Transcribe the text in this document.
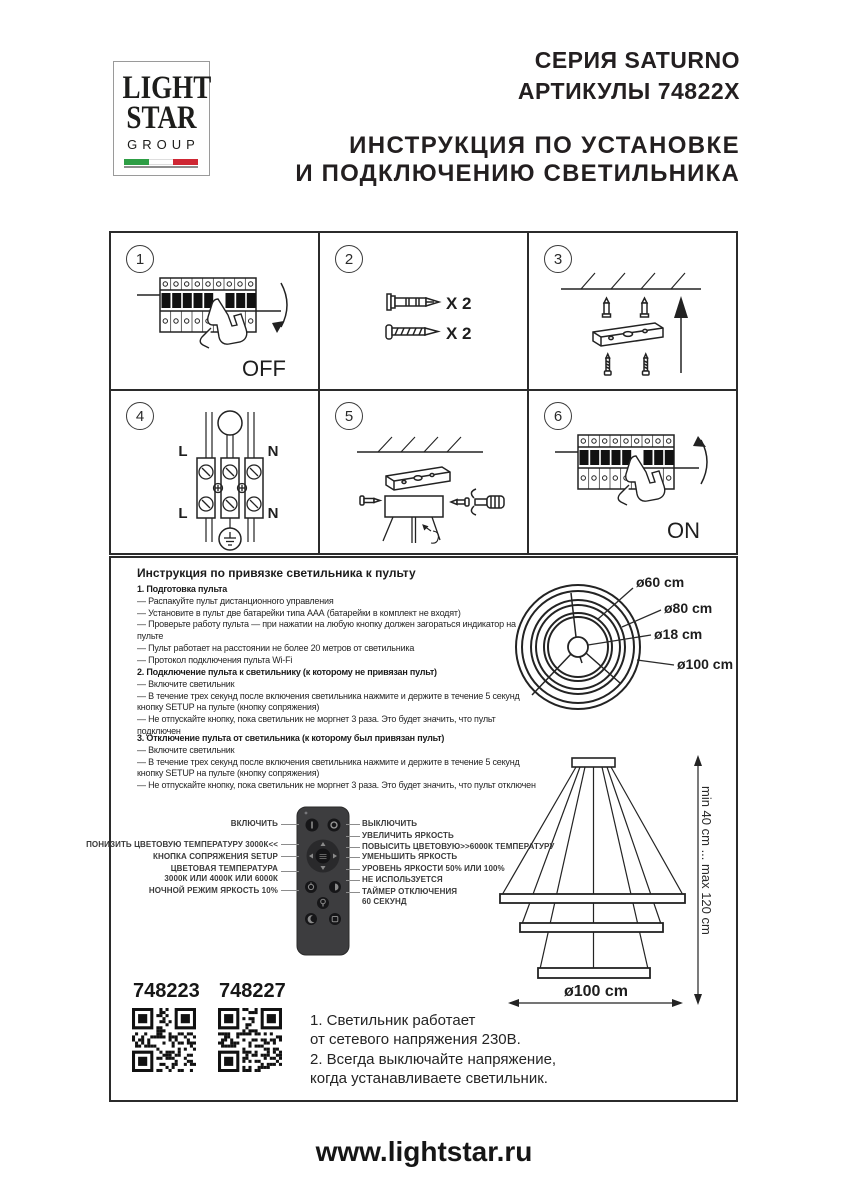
LIGHT
STAR
GROUP
СЕРИЯ SATURNO
АРТИКУЛЫ 74822X
ИНСТРУКЦИЯ ПО УСТАНОВКЕ
И ПОДКЛЮЧЕНИЮ СВЕТИЛЬНИКА
1	2	3
4	5	6
OFF
X 2
X 2
L	N
L	N
ON
Инструкция по привязке светильника к пульту
1. Подготовка пульта
— Распакуйте пульт дистанционного управления
— Установите в пульт две батарейки типа ААА (батарейки в комплект не входят)
— Проверьте работу пульта — при нажатии на любую кнопку должен загораться индикатор на пульте
— Пульт работает на расстоянии не более 20 метров от светильника
— Протокол подключения пульта Wi-Fi
2. Подключение пульта к светильнику (к которому не привязан пульт)
— Включите светильник
— В течение трех секунд после включения светильника нажмите и держите в течение 5 секунд кнопку SETUP на пульте (кнопку сопряжения)
— Не отпускайте кнопку, пока светильник не моргнет 3 раза. Это будет значить, что пульт подключен
3. Отключение пульта от светильника (к которому был привязан пульт)
— Включите светильник
— В течение трех секунд после включения светильника нажмите и держите в течение 5 секунд кнопку SETUP на пульте (кнопку сопряжения)
— Не отпускайте кнопку, пока светильник не моргнет 3 раза. Это будет значить, что пульт отключен
ø60 cm
ø80 cm
ø18 cm
ø100 cm
ВКЛЮЧИТЬ
ПОНИЗИТЬ ЦВЕТОВУЮ ТЕМПЕРАТУРУ 3000К<<
КНОПКА СОПРЯЖЕНИЯ SETUP
ЦВЕТОВАЯ ТЕМПЕРАТУРА
3000К ИЛИ 4000К ИЛИ 6000К
НОЧНОЙ РЕЖИМ ЯРКОСТЬ 10%
ВЫКЛЮЧИТЬ
УВЕЛИЧИТЬ ЯРКОСТЬ
ПОВЫСИТЬ ЦВЕТОВУЮ>>6000К ТЕМПЕРАТУРУ
УМЕНЬШИТЬ ЯРКОСТЬ
УРОВЕНЬ ЯРКОСТИ 50% ИЛИ 100%
НЕ ИСПОЛЬЗУЕТСЯ
ТАЙМЕР ОТКЛЮЧЕНИЯ
60 СЕКУНД	min 40 cm ... max 120 cm
ø100 cm
748223 748227
1. Светильник работает
от сетевого напряжения 230В.
2. Всегда выключайте напряжение,
когда устанавливаете светильник.
www.lightstar.ru
